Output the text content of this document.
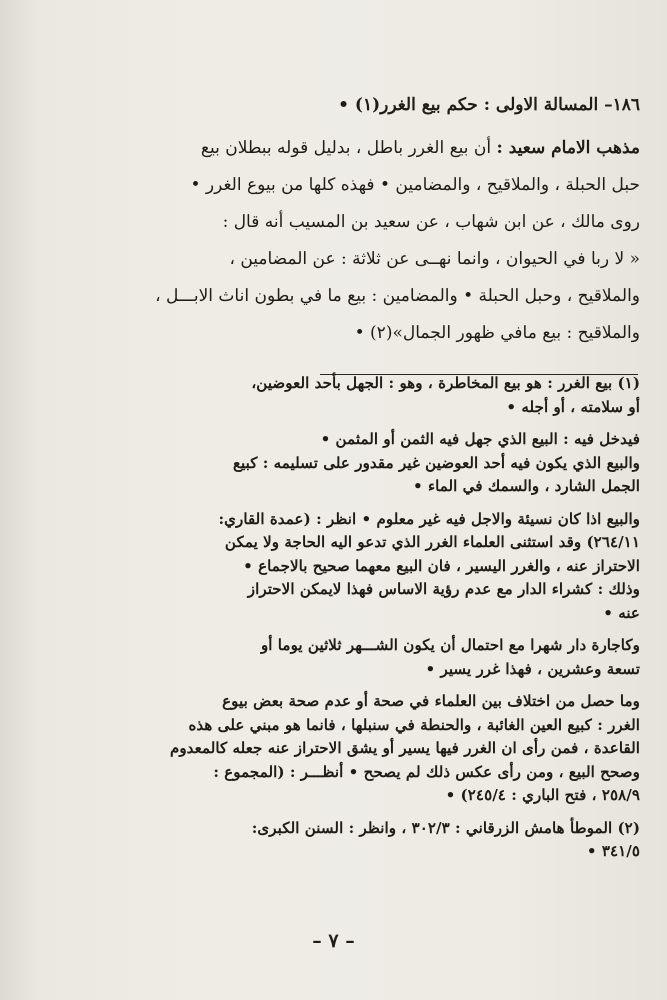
١٨٦– المسالة الاولى : حكم بيع الغرر(١) •
مذهب الامام سعيد : أن بيع الغرر باطل ، بدليل قوله ببطلان بيع
حبل الحبلة ، والملاقيح ، والمضامين • فهذه كلها من بيوع الغرر •
روى مالك ، عن ابن شهاب ، عن سعيد بن المسيب أنه قال :
« لا ربا في الحيوان ، وانما نهــى عن ثلاثة : عن المضامين ،
والملاقيح ، وحبل الحبلة • والمضامين : بيع ما في بطون اناث الابـــل ،
والملاقيح : بيع مافي ظهور الجمال»(٢) •
(١) بيع الغرر : هو بيع المخاطرة ، وهو : الجهل بأحد العوضين،
أو سلامته ، أو أجله •
فيدخل فيه : البيع الذي جهل فيه الثمن أو المثمن •
والبيع الذي يكون فيه أحد العوضين غير مقدور على تسليمه : كبيع
الجمل الشارد ، والسمك في الماء •
والبيع اذا كان نسيئة والاجل فيه غير معلوم • انظر : (عمدة القاري:
٢٦٤/١١) وقد استثنى العلماء الغرر الذي تدعو اليه الحاجة ولا يمكن
الاحتراز عنه ، والغرر اليسير ، فان البيع معهما صحيح بالاجماع •
وذلك : كشراء الدار مع عدم رؤية الاساس فهذا لايمكن الاحتراز
عنه •
وكاجارة دار شهرا مع احتمال أن يكون الشـــهر ثلاثين يوما أو
تسعة وعشرين ، فهذا غرر يسير •
وما حصل من اختلاف بين العلماء في صحة أو عدم صحة بعض بيوع
الغرر : كبيع العين الغائبة ، والحنطة في سنبلها ، فانما هو مبني على هذه
القاعدة ، فمن رأى ان الغرر فيها يسير أو يشق الاحتراز عنه جعله كالمعدوم
وصحح البيع ، ومن رأى عكس ذلك لم يصحح • أنظـــر : (المجموع :
٢٥٨/٩ ، فتح الباري : ٢٤٥/٤) •
(٢) الموطأ هامش الزرقاني : ٣٠٢/٣ ، وانظر : السنن الكبرى:
٣٤١/٥ •
– ٧ –
